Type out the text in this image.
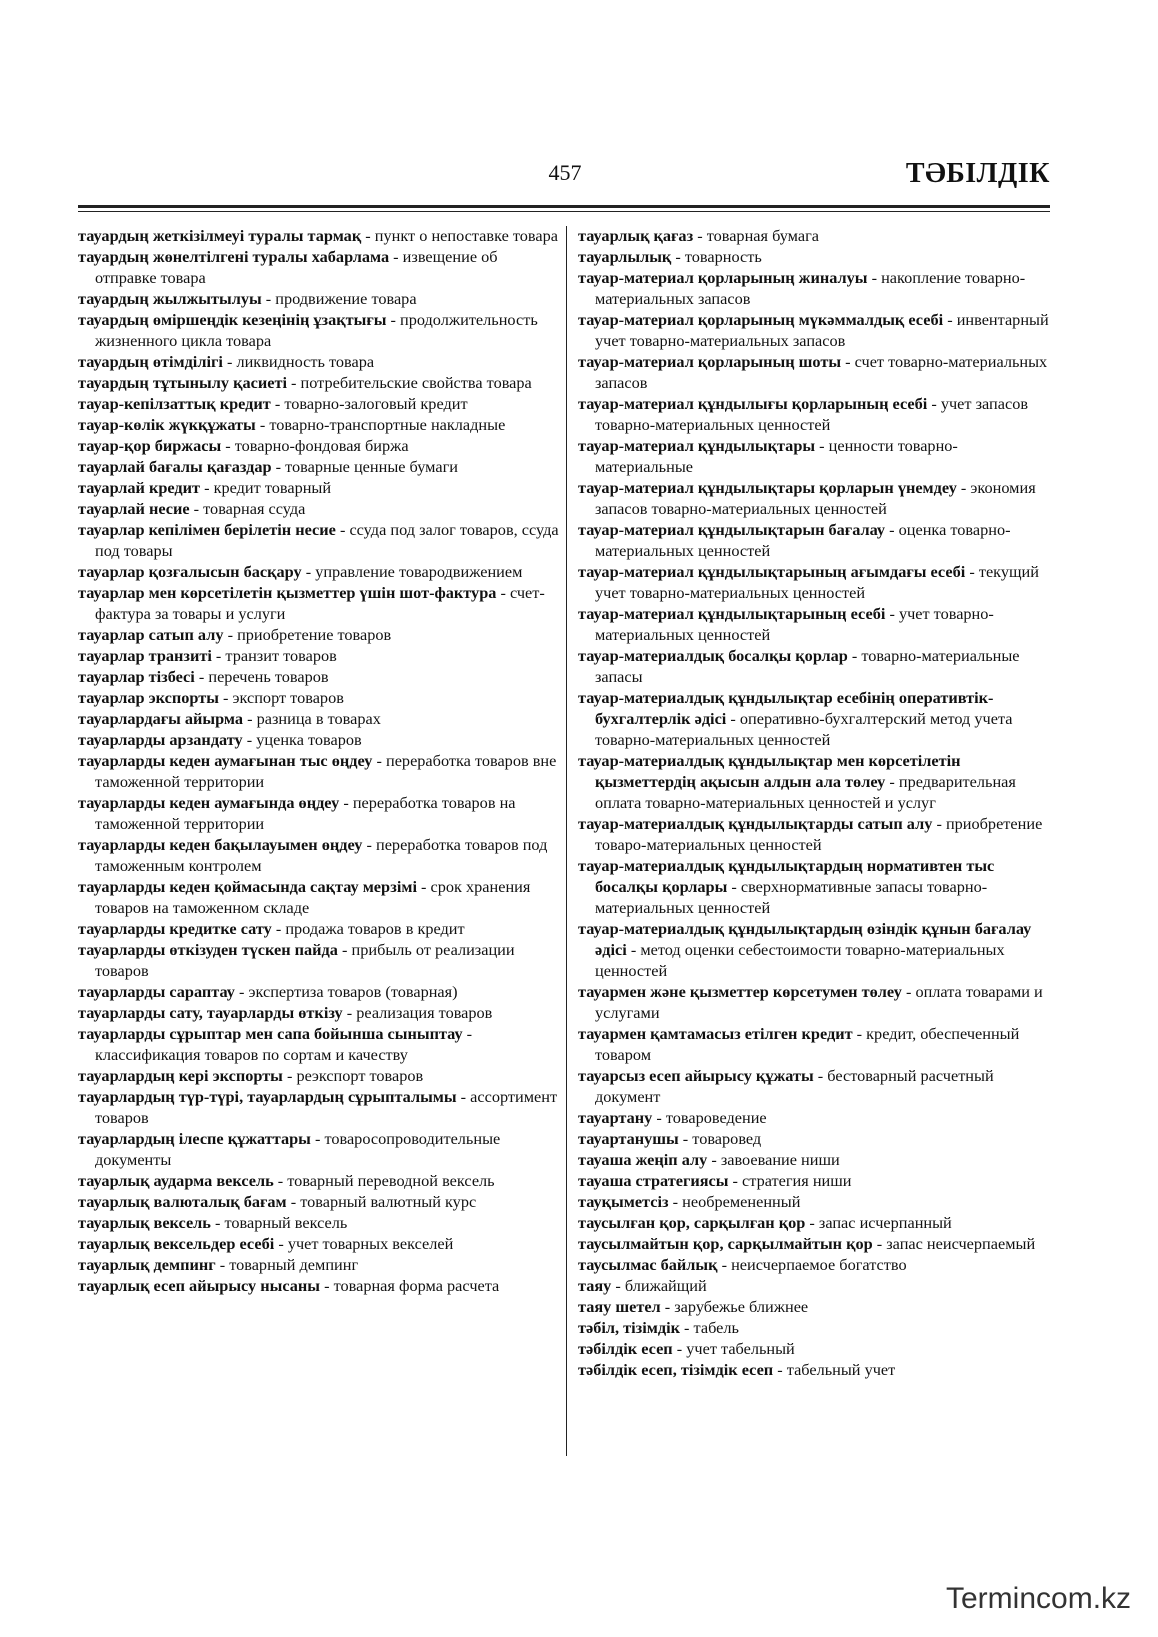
457	ТӘБІЛДІК

тауардың жеткізілмеуі туралы тармақ - пункт о непоставке товара

тауардың жөнелтілгені туралы хабарлама - извещение об отправке товара

тауардың жылжытылуы - продвижение товара

тауардың өміршеңдік кезеңінің ұзақтығы - продолжительность жизненного цикла товара

тауардың өтімділігі - ликвидность товара

тауардың тұтынылу қасиеті - потребительские свойства товара

тауар-кепілзаттық кредит - товарно-залоговый кредит

тауар-көлік жүкқұжаты - товарно-транспортные накладные

тауар-қор биржасы - товарно-фондовая биржа

тауарлай бағалы қағаздар - товарные ценные бумаги

тауарлай кредит - кредит товарный

тауарлай несие - товарная ссуда

тауарлар кепілімен берілетін несие - ссуда под залог товаров, ссуда под товары

тауарлар қозғалысын басқару - управление товародвижением

тауарлар мен көрсетілетін қызметтер үшін шот-фактура - счет-фактура за товары и услуги

тауарлар сатып алу - приобретение товаров

тауарлар транзиті - транзит товаров

тауарлар тізбесі - перечень товаров

тауарлар экспорты - экспорт товаров

тауарлардағы айырма - разница в товарах

тауарларды арзандату - уценка товаров

тауарларды кеден аумағынан тыс өңдеу - переработка товаров вне таможенной территории

тауарларды кеден аумағында өңдеу - переработка товаров на таможенной территории

тауарларды кеден бақылауымен өңдеу - переработка товаров под таможенным контролем

тауарларды кеден қоймасында сақтау мерзімі - срок хранения товаров на таможенном складе

тауарларды кредитке сату - продажа товаров в кредит

тауарларды өткізуден түскен пайда - прибыль от реализации товаров

тауарларды сараптау - экспертиза товаров (товарная)

тауарларды сату, тауарларды өткізу - реализация товаров

тауарларды сұрыптар мен сапа бойынша сыныптау - классификация товаров по сортам и качеству

тауарлардың кері экспорты - реэкспорт товаров

тауарлардың түр-түрі, тауарлардың сұрыпталымы - ассортимент товаров

тауарлардың ілеспе құжаттары - товаросопроводительные документы

тауарлық аударма вексель - товарный переводной вексель

тауарлық валюталық бағам - товарный валютный курс

тауарлық вексель - товарный вексель

тауарлық вексельдер есебі - учет товарных векселей

тауарлық демпинг - товарный демпинг

тауарлық есеп айырысу нысаны - товарная форма расчета

тауарлық қағаз - товарная бумага

тауарлылық - товарность

тауар-материал қорларының жиналуы - накопление товарно-материальных запасов

тауар-материал қорларының мүкәммалдық есебі - инвентарный учет товарно-материальных запасов

тауар-материал қорларының шоты - счет товарно-материальных запасов

тауар-материал құндылығы қорларының есебі - учет запасов товарно-материальных ценностей

тауар-материал құндылықтары - ценности товарно-материальные

тауар-материал құндылықтары қорларын үнемдеу - экономия запасов товарно-материальных ценностей

тауар-материал құндылықтарын бағалау - оценка товарно-материальных ценностей

тауар-материал құндылықтарының ағымдағы есебі - текущий учет товарно-материальных ценностей

тауар-материал құндылықтарының есебі - учет товарно-материальных ценностей

тауар-материалдық босалқы қорлар - товарно-материальные запасы

тауар-материалдық құндылықтар есебінің оперативтік-бухгалтерлік әдісі - оперативно-бухгалтерский метод учета товарно-материальных ценностей

тауар-материалдық құндылықтар мен көрсетілетін қызметтердің ақысын алдын ала төлеу - предварительная оплата товарно-материальных ценностей и услуг

тауар-материалдық құндылықтарды сатып алу - приобретение товаро-материальных ценностей

тауар-материалдық құндылықтардың нормативтен тыс босалқы қорлары - сверхнормативные запасы товарно-материальных ценностей

тауар-материалдық құндылықтардың өзіндік құнын бағалау әдісі - метод оценки себестоимости товарно-материальных ценностей

тауармен және қызметтер көрсетумен төлеу - оплата товарами и услугами

тауармен қамтамасыз етілген кредит - кредит, обеспеченный товаром

тауарсыз есеп айырысу құжаты - бестоварный расчетный документ

тауартану - товароведение

тауартанушы - товаровед

тауаша жеңіп алу - завоевание ниши

тауаша стратегиясы - стратегия ниши

тауқыметсіз - необремененный

таусылған қор, сарқылған қор - запас исчерпанный

таусылмайтын қор, сарқылмайтын қор - запас неисчерпаемый

таусылмас байлық - неисчерпаемое богатство

таяу - ближайщий

таяу шетел - зарубежье ближнее

тәбіл, тізімдік - табель

тәбілдік есеп - учет табельный

тәбілдік есеп, тізімдік есеп - табельный учет

Termincom.kz
